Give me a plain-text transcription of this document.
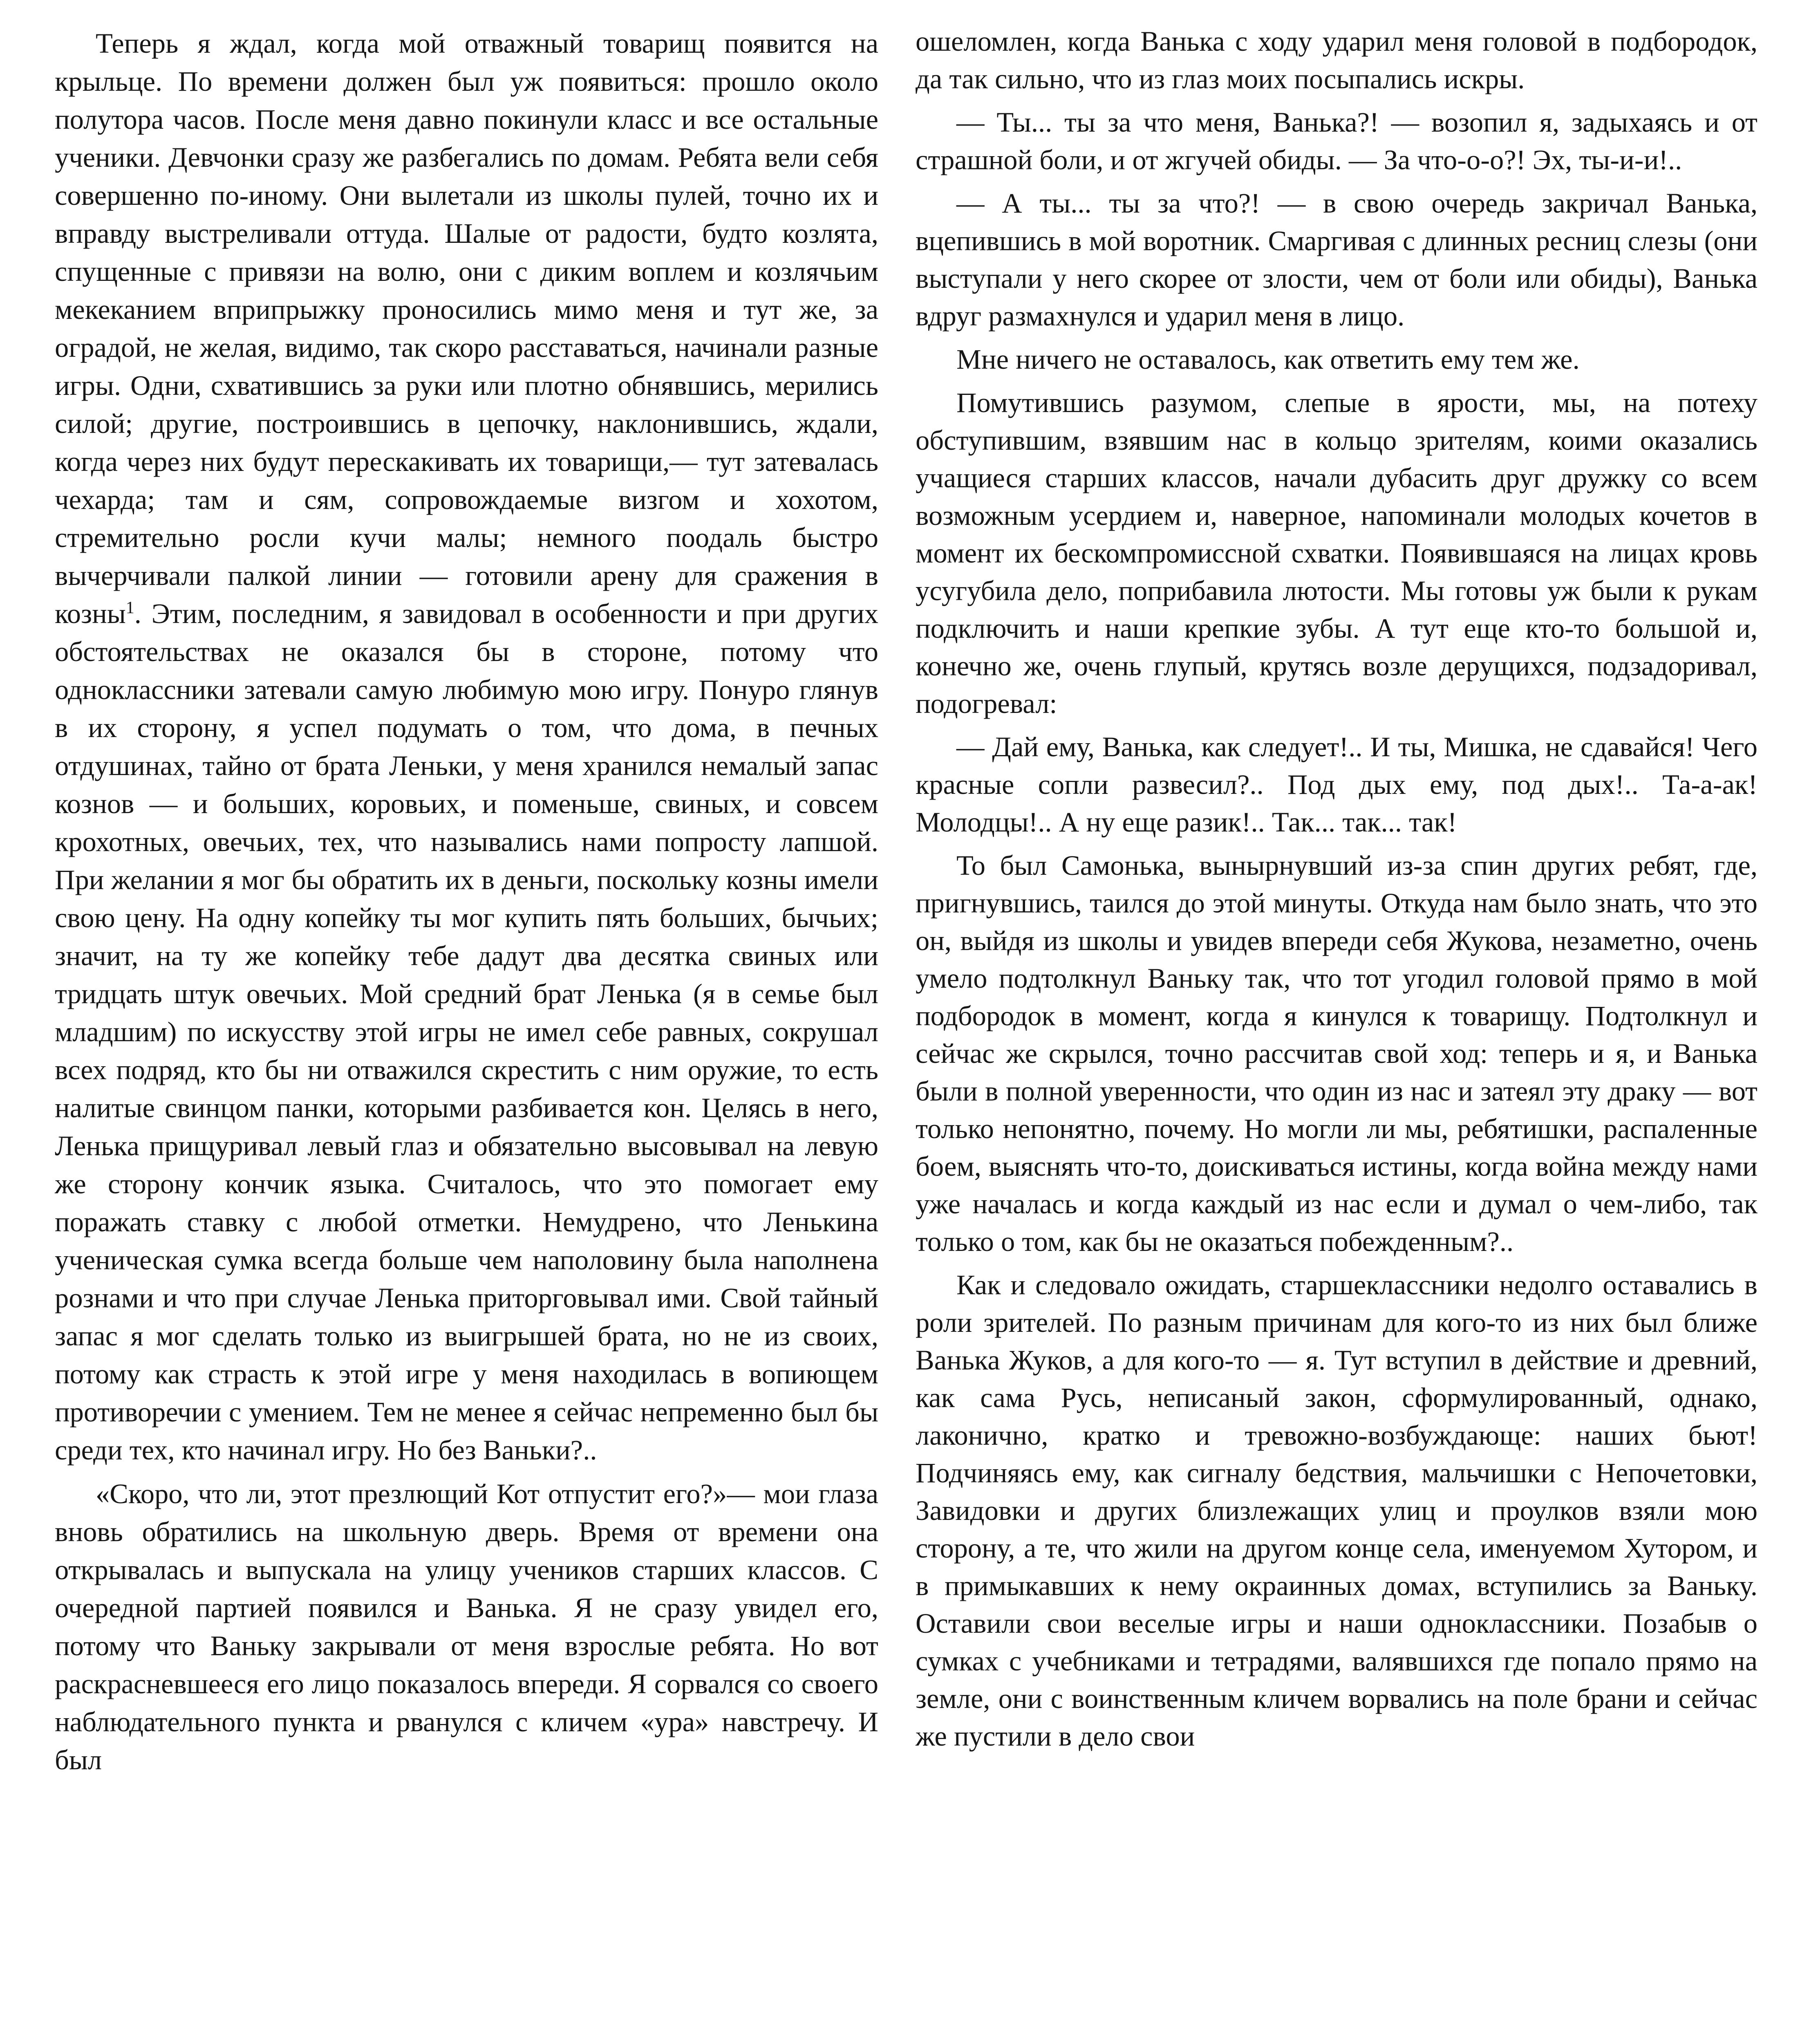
Теперь я ждал, когда мой отважный товарищ появится на крыльце. По времени должен был уж появиться: прошло около полутора часов. После меня давно покинули класс и все остальные ученики. Девчонки сразу же разбегались по домам. Ребята вели себя совершенно по-иному. Они вылетали из школы пулей, точно их и вправду выстреливали оттуда. Шалые от радости, будто козлята, спущенные с привязи на волю, они с диким воплем и козлячьим мекеканием вприпрыжку проносились мимо меня и тут же, за оградой, не желая, видимо, так скоро расставаться, начинали разные игры. Одни, схватившись за руки или плотно обнявшись, мерились силой; другие, построившись в цепочку, наклонившись, ждали, когда через них будут перескакивать их товарищи,— тут затевалась чехарда; там и сям, сопровождаемые визгом и хохотом, стремительно росли кучи малы; немного поодаль быстро вычерчивали палкой линии — готовили арену для сражения в козны$^1$. Этим, последним, я завидовал в особенности и при других обстоятельствах не оказался бы в стороне, потому что одноклассники затевали самую любимую мою игру. Понуро глянув в их сторону, я успел подумать о том, что дома, в печных отдушинах, тайно от брата Леньки, у меня хранился немалый запас кознов — и больших, коровьих, и поменьше, свиных, и совсем крохотных, овечьих, тех, что назывались нами попросту лапшой. При желании я мог бы обратить их в деньги, поскольку козны имели свою цену. На одну копейку ты мог купить пять больших, бычьих; значит, на ту же копейку тебе дадут два десятка свиных или тридцать штук овечьих. Мой средний брат Ленька (я в семье был младшим) по искусству этой игры не имел себе равных, сокрушал всех подряд, кто бы ни отважился скрестить с ним оружие, то есть налитые свинцом панки, которыми разбивается кон. Целясь в него, Ленька прищуривал левый глаз и обязательно высовывал на левую же сторону кончик языка. Считалось, что это помогает ему поражать ставку с любой отметки. Немудрено, что Ленькина ученическая сумка всегда больше чем наполовину была наполнена рознами и что при случае Ленька приторговывал ими. Свой тайный запас я мог сделать только из выигрышей брата, но не из своих, потому как страсть к этой игре у меня находилась в вопиющем противоречии с умением. Тем не менее я сейчас непременно был бы среди тех, кто начинал игру. Но без Ваньки?..

«Скоро, что ли, этот презлющий Кот отпустит его?»— мои глаза вновь обратились на школьную дверь. Время от времени она открывалась и выпускала на улицу учеников старших классов. С очередной партией появился и Ванька. Я не сразу увидел его, потому что Ваньку закрывали от меня взрослые ребята. Но вот раскрасневшееся его лицо показалось впереди. Я сорвался со своего наблюдательного пункта и рванулся с кличем «ура» навстречу. И был

ошеломлен, когда Ванька с ходу ударил меня головой в подбородок, да так сильно, что из глаз моих посыпались искры.

— Ты... ты за что меня, Ванька?! — возопил я, задыхаясь и от страшной боли, и от жгучей обиды. — За что-о-о?! Эх, ты-и-и!..

— А ты... ты за что?! — в свою очередь закричал Ванька, вцепившись в мой воротник. Смаргивая с длинных ресниц слезы (они выступали у него скорее от злости, чем от боли или обиды), Ванька вдруг размахнулся и ударил меня в лицо.

Мне ничего не оставалось, как ответить ему тем же.

Помутившись разумом, слепые в ярости, мы, на потеху обступившим, взявшим нас в кольцо зрителям, коими оказались учащиеся старших классов, начали дубасить друг дружку со всем возможным усердием и, наверное, напоминали молодых кочетов в момент их бескомпромиссной схватки. Появившаяся на лицах кровь усугубила дело, поприбавила лютости. Мы готовы уж были к рукам подключить и наши крепкие зубы. А тут еще кто-то большой и, конечно же, очень глупый, крутясь возле дерущихся, подзадоривал, подогревал:

— Дай ему, Ванька, как следует!.. И ты, Мишка, не сдавайся! Чего красные сопли развесил?.. Под дых ему, под дых!.. Та-а-ак! Молодцы!.. А ну еще разик!.. Так... так... так!

То был Самонька, вынырнувший из-за спин других ребят, где, пригнувшись, таился до этой минуты. Откуда нам было знать, что это он, выйдя из школы и увидев впереди себя Жукова, незаметно, очень умело подтолкнул Ваньку так, что тот угодил головой прямо в мой подбородок в момент, когда я кинулся к товарищу. Подтолкнул и сейчас же скрылся, точно рассчитав свой ход: теперь и я, и Ванька были в полной уверенности, что один из нас и затеял эту драку — вот только непонятно, почему. Но могли ли мы, ребятишки, распаленные боем, выяснять что-то, доискиваться истины, когда война между нами уже началась и когда каждый из нас если и думал о чем-либо, так только о том, как бы не оказаться побежденным?..

Как и следовало ожидать, старшеклассники недолго оставались в роли зрителей. По разным причинам для кого-то из них был ближе Ванька Жуков, а для кого-то — я. Тут вступил в действие и древний, как сама Русь, неписаный закон, сформулированный, однако, лаконично, кратко и тревожно-возбуждающе: наших бьют! Подчиняясь ему, как сигналу бедствия, мальчишки с Непочетовки, Завидовки и других близлежащих улиц и проулков взяли мою сторону, а те, что жили на другом конце села, именуемом Хутором, и в примыкавших к нему окраинных домах, вступились за Ваньку. Оставили свои веселые игры и наши одноклассники. Позабыв о сумках с учебниками и тетрадями, валявшихся где попало прямо на земле, они с воинственным кличем ворвались на поле брани и сейчас же пустили в дело свои
